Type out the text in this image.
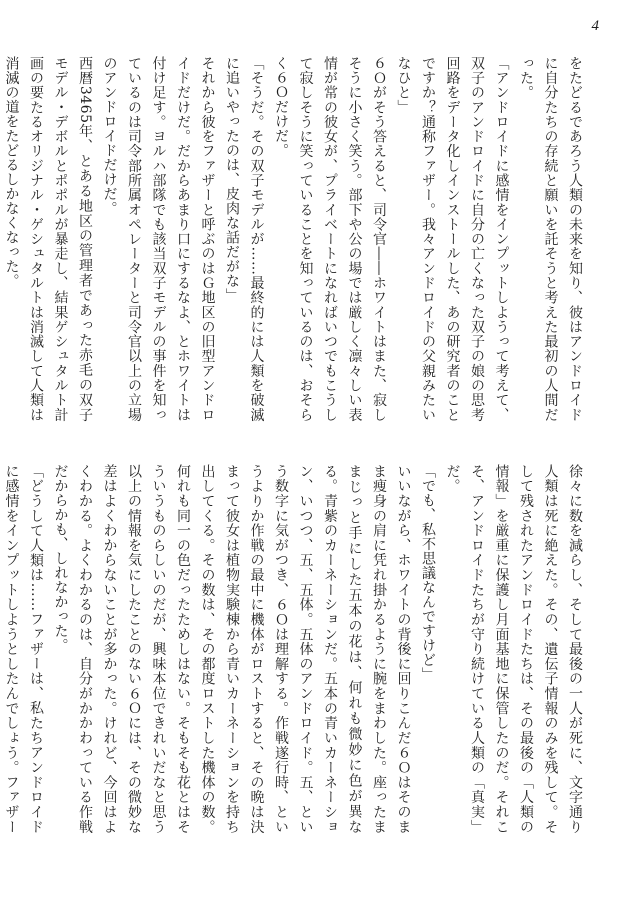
4

をたどるであろう人類の未来を知り、彼はアンドロイドに自分たちの存続と願いを託そうと考えた最初の人間だった。

「アンドロイドに感情をインプットしようって考えて、双子のアンドロイドに自分の亡くなった双子の娘の思考回路をデータ化しインストールした、あの研究者のことですか？通称ファザー。我々アンドロイドの父親みたいなひと」

６Ｏがそう答えると、司令官――ホワイトはまた、寂しそうに小さく笑う。部下や公の場では厳しく凛々しい表情が常の彼女が、プライベートになればいつでもこうして寂しそうに笑っていることを知っているのは、おそらく６Ｏだけだ。

「そうだ。その双子モデルが……最終的には人類を破滅に追いやったのは、皮肉な話だがな」

それから彼をファザーと呼ぶのはＧ地区の旧型アンドロイドだけだ。だからあまり口にするなよ、とホワイトは付け足す。ヨルハ部隊でも該当双子モデルの事件を知っているのは司令部所属オペレーターと司令官以上の立場のアンドロイドだけだ。

西暦3465年、とある地区の管理者であった赤毛の双子モデル・デボルとポポルが暴走し、結果ゲシュタルト計画の要たるオリジナル・ゲシュタルトは消滅して人類は消滅の道をたどるしかなくなった。

徐々に数を減らし、そして最後の一人が死に、文字通り人類は死に絶えた。その、遺伝子情報のみを残して。そして残されたアンドロイドたちは、その最後の「人類の情報」を厳重に保護し月面基地に保管したのだ。それこそ、アンドロイドたちが守り続けている人類の「真実」だ。

「でも、私不思議なんですけど」

いいながら、ホワイトの背後に回りこんだ６Ｏはそのまま痩身の肩に凭れ掛かるように腕をまわした。座ったままじっと手にした五本の花は、何れも微妙に色が異なる。青紫のカーネーションだ。五本の青いカーネーション、いつつ、五、五体。五体のアンドロイド。五、という数字に気がつき、６Ｏは理解する。作戦遂行時、というよりか作戦の最中に機体がロストすると、その晩は決まって彼女は植物実験棟から青いカーネーションを持ち出してくる。その数は、その都度ロストした機体の数。何れも同一の色だったためしはない。そもそも花とはそういうものらしいのだが、興味本位できれいだなと思う以上の情報を気にしたことのない６Ｏには、その微妙な差はよくわからないことが多かった。けれど、今回はよくわかる。よくわかるのは、自分がかかわっている作戦だからかも、しれなかった。

「どうして人類は……ファザーは、私たちアンドロイドに感情をインプットしようとしたんでしょう。ファザー
